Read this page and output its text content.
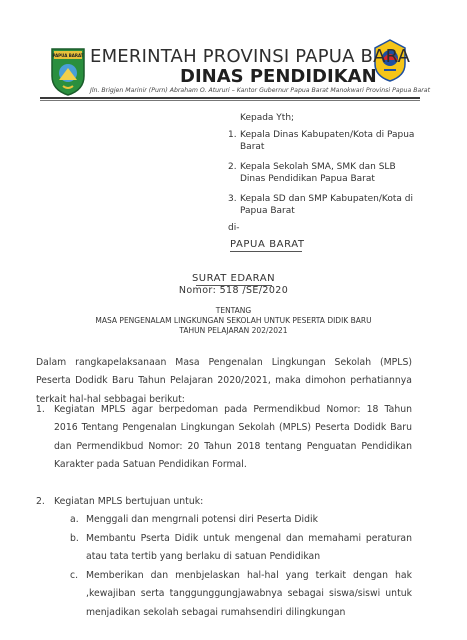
PAPUA BARAT EMERINTAH PROVINSI PAPUA BARA
DINAS PENDIDIKAN
Jln. Brigjen Marinir (Purn) Abraham O. Atururi – Kantor Gubernur Papua Barat Manokwari Provinsi Papua Barat
Kepada Yth;
1. Kepala Dinas Kabupaten/Kota di Papua Barat
2. Kepala Sekolah SMA, SMK dan SLB Dinas Pendidikan Papua Barat
3. Kepala SD dan SMP Kabupaten/Kota di Papua Barat
di-
PAPUA BARAT
SURAT EDARAN
Nomor: 518 /SE/2020
TENTANG
MASA PENGENALAM LINGKUNGAN SEKOLAH UNTUK PESERTA DIDIK BARU
TAHUN PELAJARAN 202/2021
Dalam rangkapelaksanaan Masa Pengenalan Lingkungan Sekolah (MPLS) Peserta Dodidk Baru Tahun Pelajaran 2020/2021, maka dimohon perhatiannya terkait hal-hal sebbagai berikut:
1. Kegiatan MPLS agar berpedoman pada Permendikbud Nomor: 18 Tahun 2016 Tentang Pengenalan Lingkungan Sekolah (MPLS) Peserta Dodidk Baru dan Permendikbud Nomor: 20 Tahun 2018 tentang Penguatan Pendidikan Karakter pada Satuan Pendidikan Formal.
2. Kegiatan MPLS bertujuan untuk:
a. Menggali dan mengrnali potensi diri Peserta Didik
b. Membantu Pserta Didik untuk mengenal dan memahami peraturan atau tata tertib yang berlaku di satuan Pendidikan
c. Memberikan dan menbjelaskan hal-hal yang terkait dengan hak ,kewajiban serta tanggunggungjawabnya sebagai siswa/siswi untuk menjadikan sekolah sebagai rumahsendiri dilingkungan
